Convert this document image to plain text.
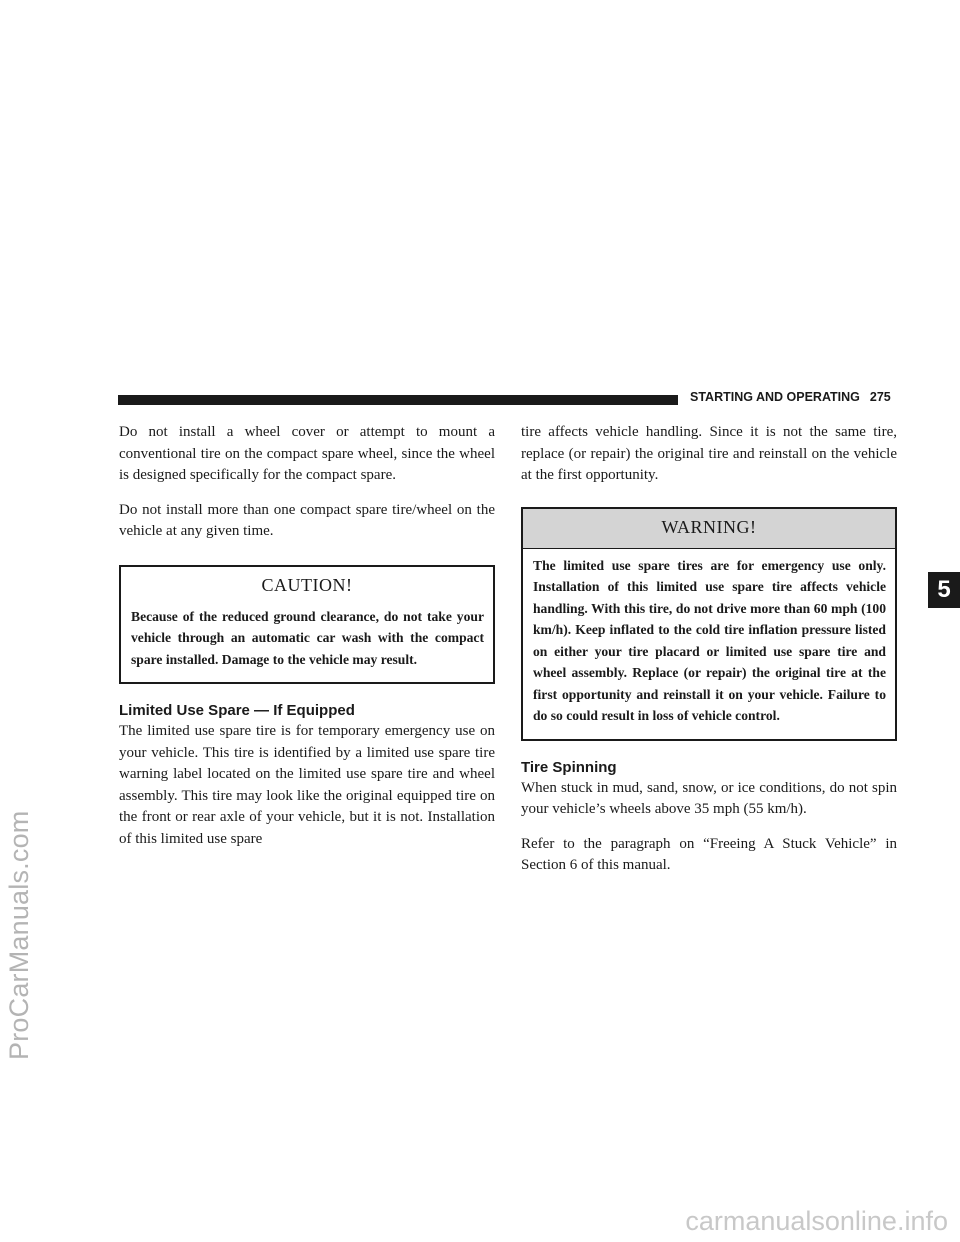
ProCarManuals.com
carmanualsonline.info
STARTING AND OPERATING 275
5

Do not install a wheel cover or attempt to mount a conventional tire on the compact spare wheel, since the wheel is designed specifically for the compact spare.

Do not install more than one compact spare tire/wheel on the vehicle at any given time.

CAUTION!
Because of the reduced ground clearance, do not take your vehicle through an automatic car wash with the compact spare installed. Damage to the vehicle may result.
Limited Use Spare — If Equipped

The limited use spare tire is for temporary emergency use on your vehicle. This tire is identified by a limited use spare tire warning label located on the limited use spare tire and wheel assembly. This tire may look like the original equipped tire on the front or rear axle of your vehicle, but it is not. Installation of this limited use spare

tire affects vehicle handling. Since it is not the same tire, replace (or repair) the original tire and reinstall on the vehicle at the first opportunity.

WARNING!
The limited use spare tires are for emergency use only. Installation of this limited use spare tire affects vehicle handling. With this tire, do not drive more than 60 mph (100 km/h). Keep inflated to the cold tire inflation pressure listed on either your tire placard or limited use spare tire and wheel assembly. Replace (or repair) the original tire at the first opportunity and reinstall it on your vehicle. Failure to do so could result in loss of vehicle control.
Tire Spinning

When stuck in mud, sand, snow, or ice conditions, do not spin your vehicle’s wheels above 35 mph (55 km/h).

Refer to the paragraph on “Freeing A Stuck Vehicle” in Section 6 of this manual.
